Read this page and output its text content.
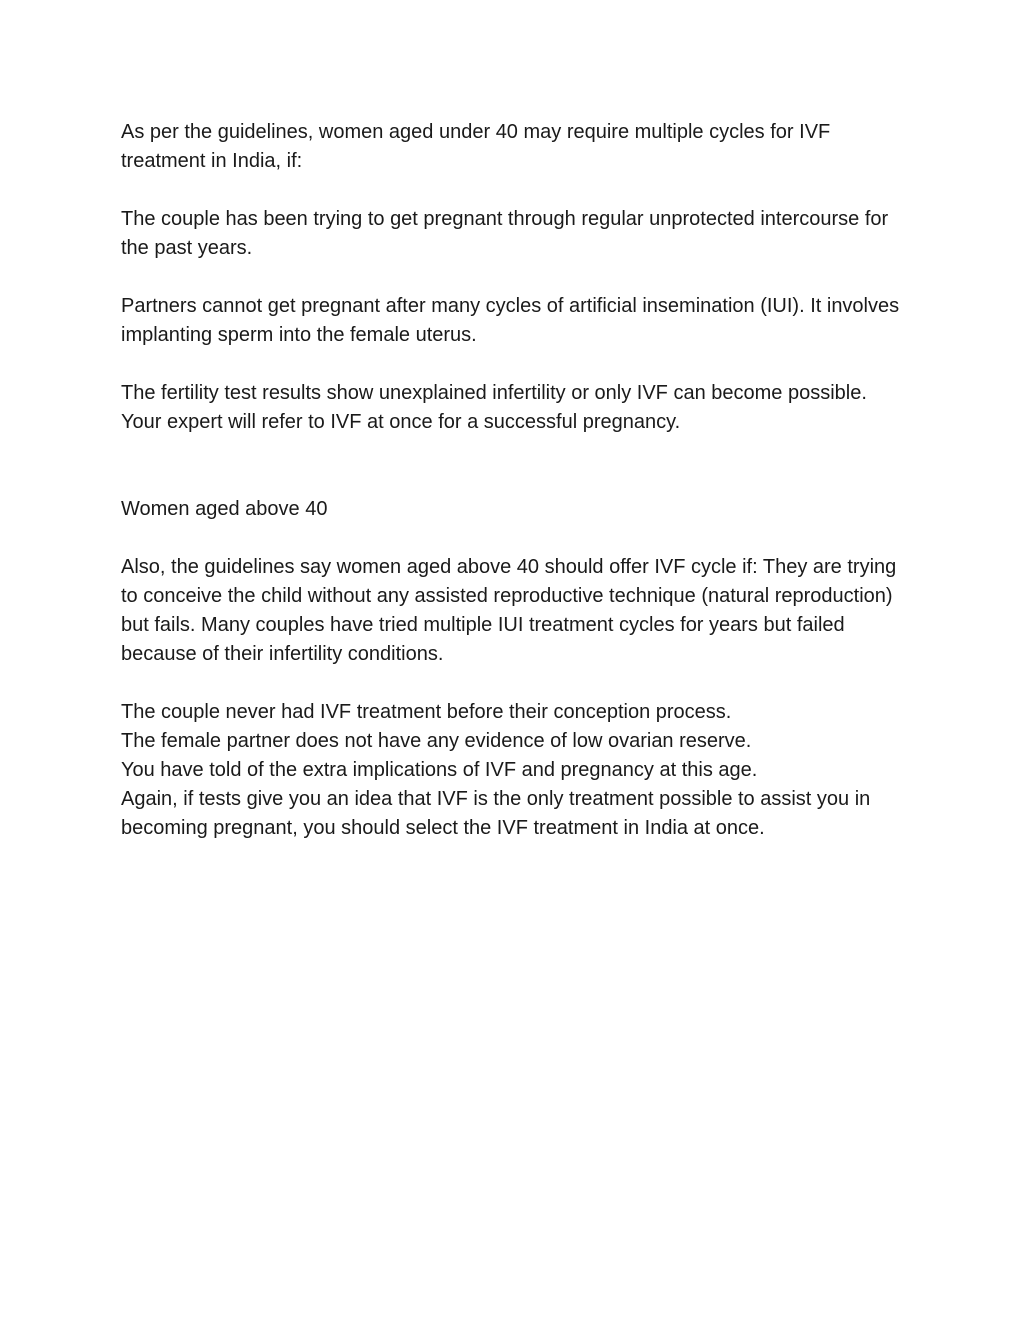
As per the guidelines, women aged under 40 may require multiple cycles for IVF treatment in India, if:

The couple has been trying to get pregnant through regular unprotected intercourse for the past years.

Partners cannot get pregnant after many cycles of artificial insemination (IUI). It involves implanting sperm into the female uterus.

The fertility test results show unexplained infertility or only IVF can become possible. Your expert will refer to IVF at once for a successful pregnancy.

Women aged above 40

Also, the guidelines say women aged above 40 should offer IVF cycle if: They are trying to conceive the child without any assisted reproductive technique (natural reproduction) but fails. Many couples have tried multiple IUI treatment cycles for years but failed because of their infertility conditions.

The couple never had IVF treatment before their conception process.
The female partner does not have any evidence of low ovarian reserve.
You have told of the extra implications of IVF and pregnancy at this age.
Again, if tests give you an idea that IVF is the only treatment possible to assist you in becoming pregnant, you should select the IVF treatment in India at once.
